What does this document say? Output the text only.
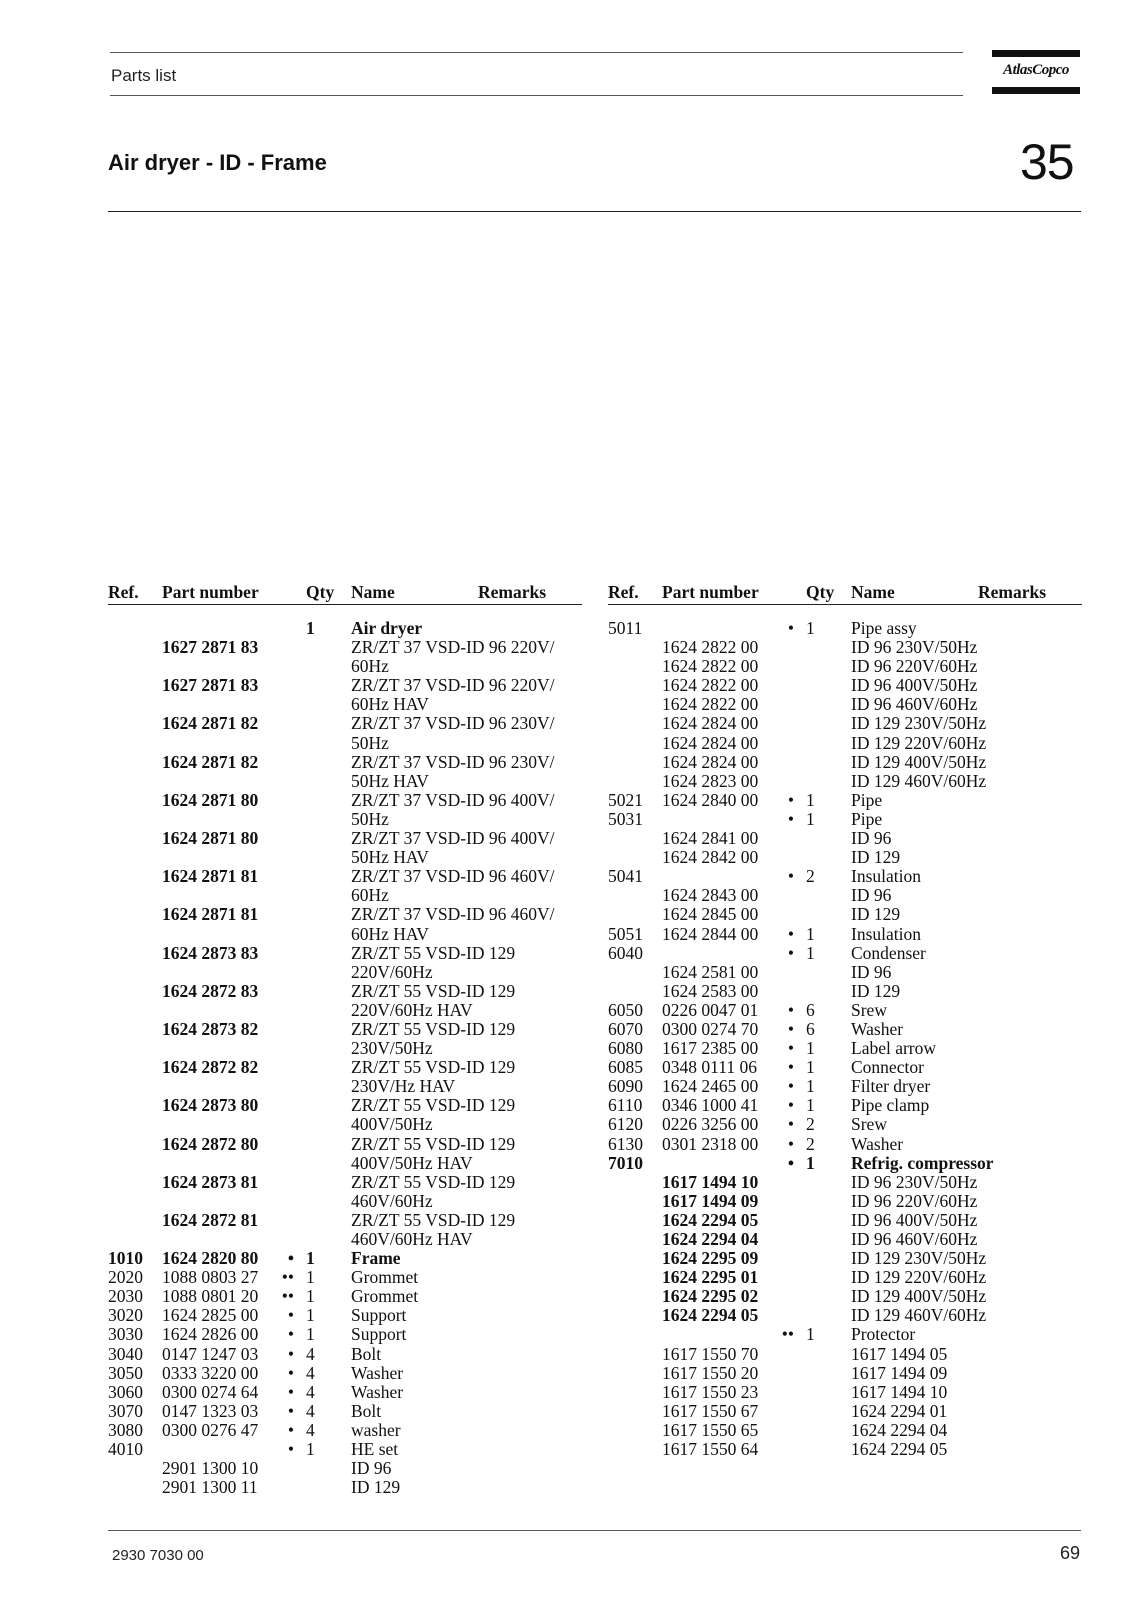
Parts list	AtlasCopco
Air dryer - ID - Frame	35
Ref. Part number	Qty Name	Remarks
1 Air dryer
1627 2871 83	ZR/ZT 37 VSD-ID 96 220V/
60Hz
1627 2871 83	ZR/ZT 37 VSD-ID 96 220V/
60Hz HAV
1624 2871 82	ZR/ZT 37 VSD-ID 96 230V/
50Hz
1624 2871 82	ZR/ZT 37 VSD-ID 96 230V/
50Hz HAV
1624 2871 80	ZR/ZT 37 VSD-ID 96 400V/
50Hz
1624 2871 80	ZR/ZT 37 VSD-ID 96 400V/
50Hz HAV
1624 2871 81	ZR/ZT 37 VSD-ID 96 460V/
60Hz
1624 2871 81	ZR/ZT 37 VSD-ID 96 460V/
60Hz HAV
1624 2873 83	ZR/ZT 55 VSD-ID 129
220V/60Hz
1624 2872 83	ZR/ZT 55 VSD-ID 129
220V/60Hz HAV
1624 2873 82	ZR/ZT 55 VSD-ID 129
230V/50Hz
1624 2872 82	ZR/ZT 55 VSD-ID 129
230V/Hz HAV
1624 2873 80	ZR/ZT 55 VSD-ID 129
400V/50Hz
1624 2872 80	ZR/ZT 55 VSD-ID 129
400V/50Hz HAV
1624 2873 81	ZR/ZT 55 VSD-ID 129
460V/60Hz
1624 2872 81	ZR/ZT 55 VSD-ID 129
460V/60Hz HAV
1010 1624 2820 80	• 1 Frame
2020 1088 0803 27	•• 1 Grommet
2030 1088 0801 20	•• 1 Grommet
3020 1624 2825 00	• 1 Support
3030 1624 2826 00	• 1 Support
3040 0147 1247 03	• 4 Bolt
3050 0333 3220 00	• 4 Washer
3060 0300 0274 64	• 4 Washer
3070 0147 1323 03	• 4 Bolt
3080 0300 0276 47	• 4 washer
4010	• 1 HE set
2901 1300 10	ID 96
2901 1300 11	ID 129
Ref. Part number	Qty Name	Remarks
5011	• 1 Pipe assy
1624 2822 00	ID 96 230V/50Hz
1624 2822 00	ID 96 220V/60Hz
1624 2822 00	ID 96 400V/50Hz
1624 2822 00	ID 96 460V/60Hz
1624 2824 00	ID 129 230V/50Hz
1624 2824 00	ID 129 220V/60Hz
1624 2824 00	ID 129 400V/50Hz
1624 2823 00	ID 129 460V/60Hz
5021 1624 2840 00	• 1 Pipe
5031	• 1 Pipe
1624 2841 00	ID 96
1624 2842 00	ID 129
5041	• 2 Insulation
1624 2843 00	ID 96
1624 2845 00	ID 129
5051 1624 2844 00	• 1 Insulation
6040	• 1 Condenser
1624 2581 00	ID 96
1624 2583 00	ID 129
6050 0226 0047 01	• 6 Srew
6070 0300 0274 70	• 6 Washer
6080 1617 2385 00	• 1 Label arrow
6085 0348 0111 06	• 1 Connector
6090 1624 2465 00	• 1 Filter dryer
6110 0346 1000 41	• 1 Pipe clamp
6120 0226 3256 00	• 2 Srew
6130 0301 2318 00	• 2 Washer
7010	• 1 Refrig. compressor
1617 1494 10	ID 96 230V/50Hz
1617 1494 09	ID 96 220V/60Hz
1624 2294 05	ID 96 400V/50Hz
1624 2294 04	ID 96 460V/60Hz
1624 2295 09	ID 129 230V/50Hz
1624 2295 01	ID 129 220V/60Hz
1624 2295 02	ID 129 400V/50Hz
1624 2294 05	ID 129 460V/60Hz
•• 1 Protector
1617 1550 70	1617 1494 05
1617 1550 20	1617 1494 09
1617 1550 23	1617 1494 10
1617 1550 67	1624 2294 01
1617 1550 65	1624 2294 04
1617 1550 64	1624 2294 05
2930 7030 00	69
